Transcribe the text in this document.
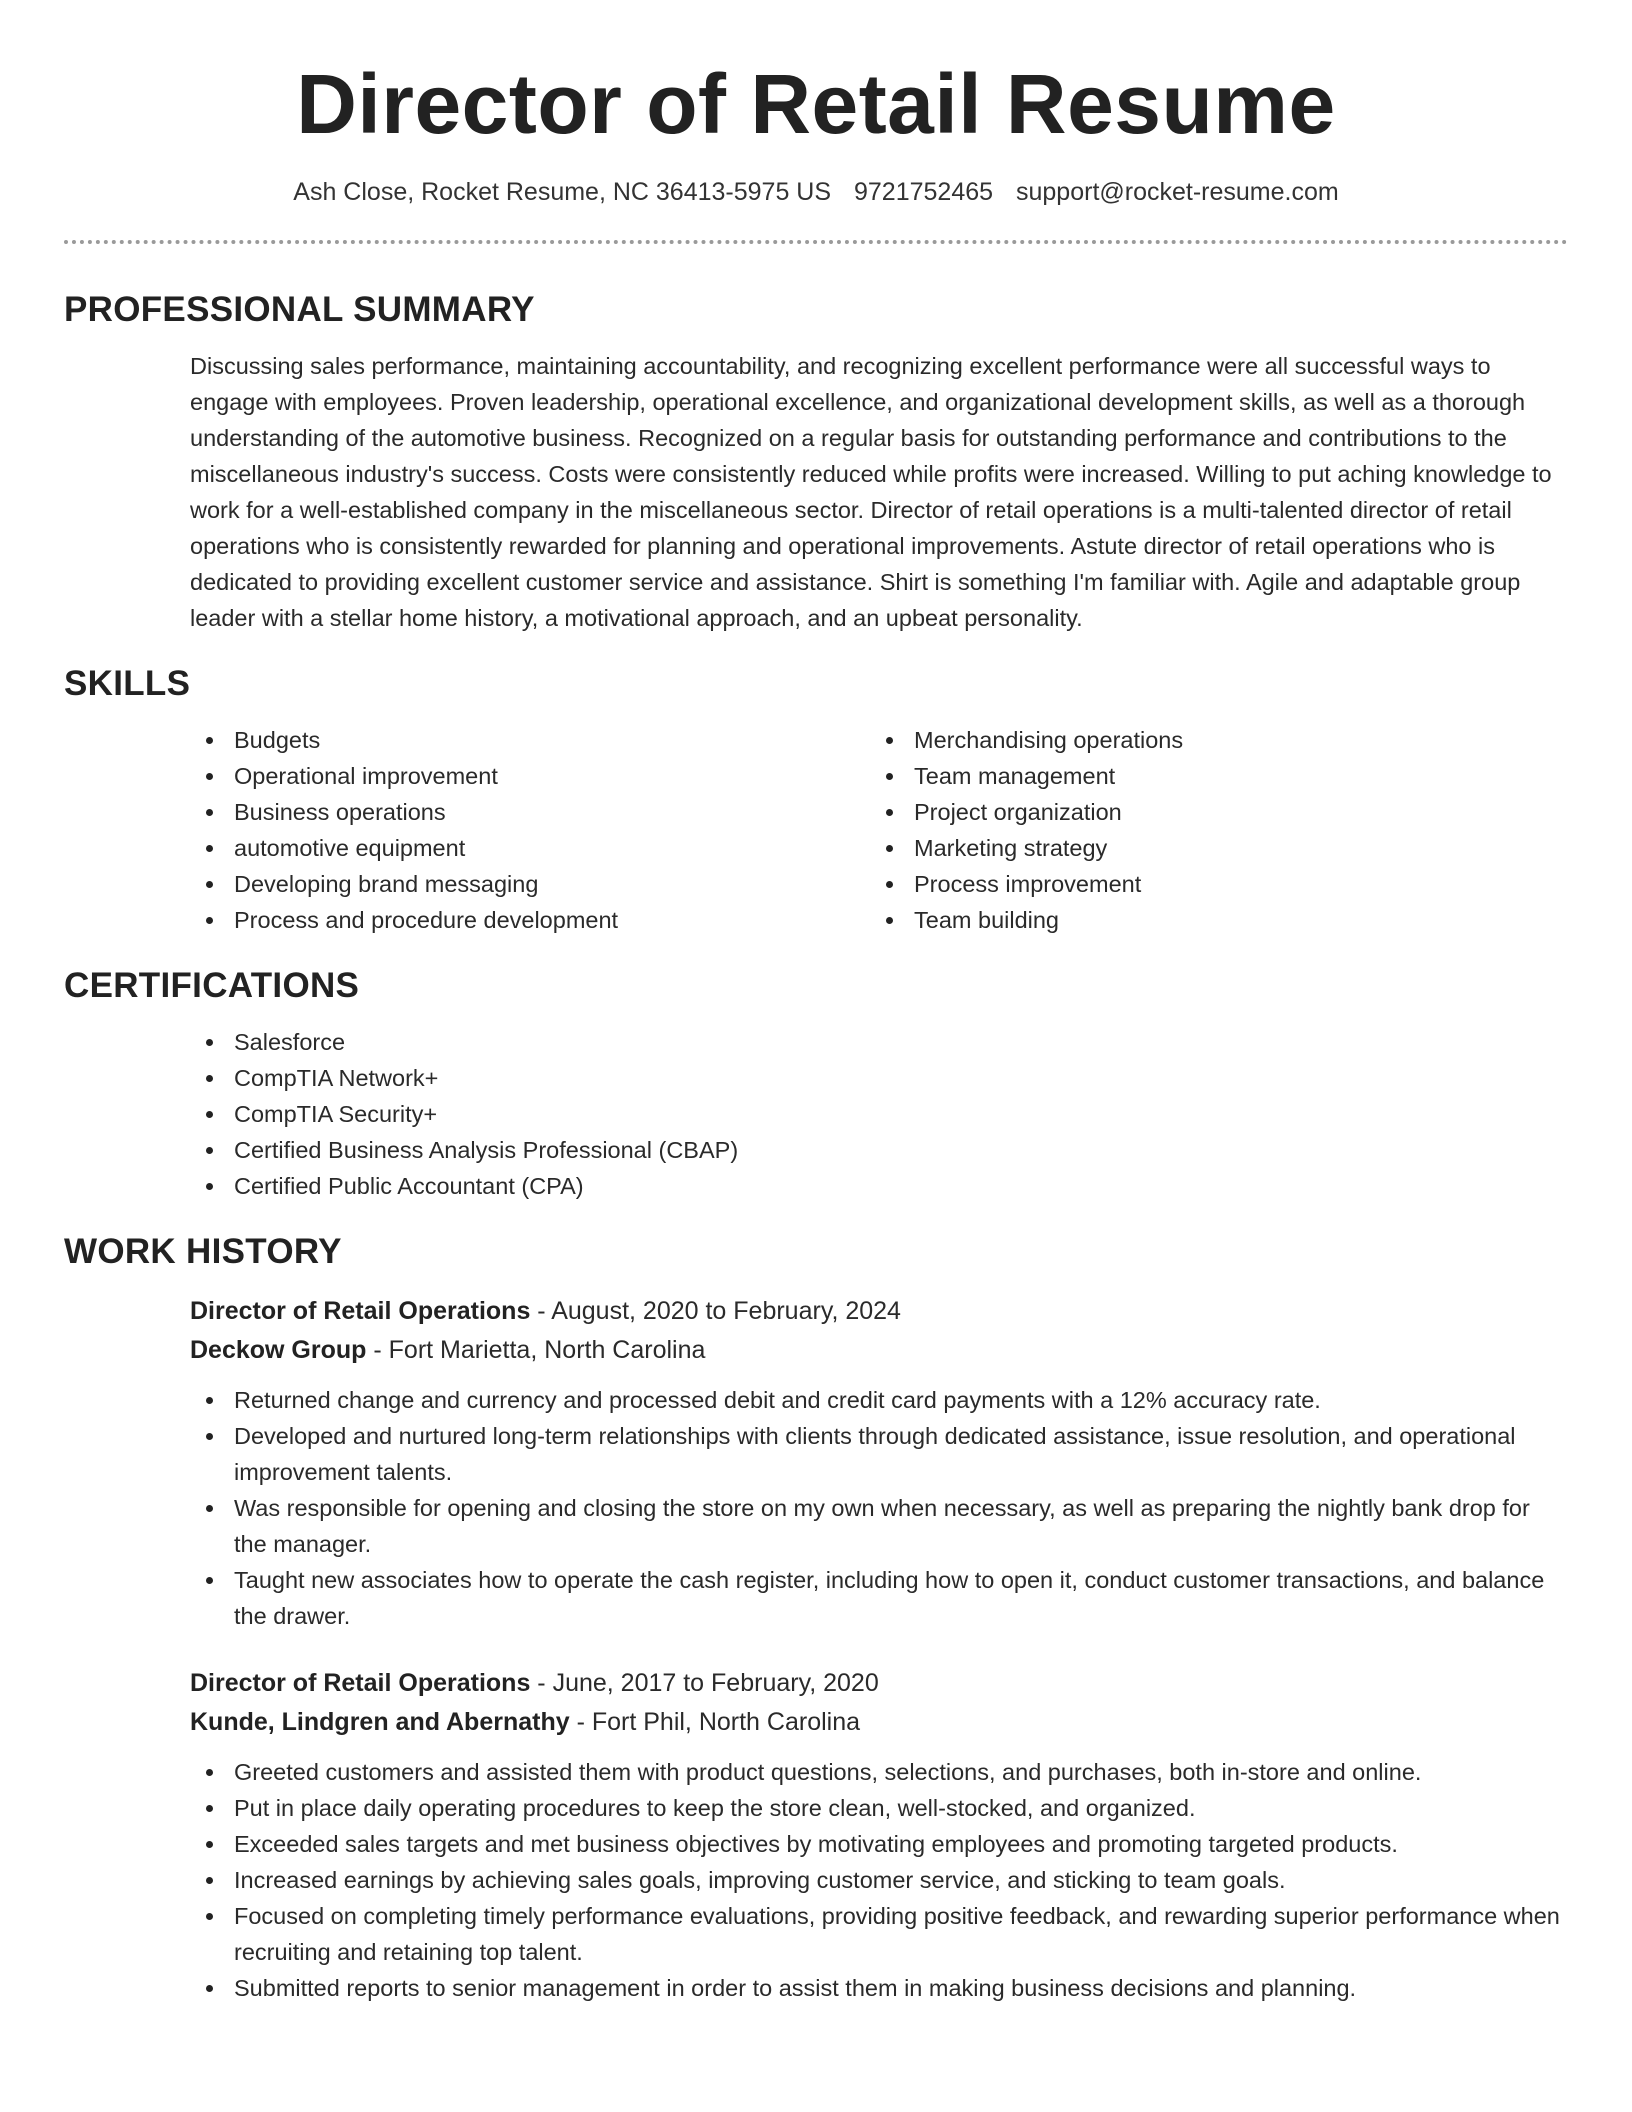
Director of Retail Resume
Ash Close, Rocket Resume, NC 36413-5975 US 9721752465 support@rocket-resume.com
PROFESSIONAL SUMMARY
Discussing sales performance, maintaining accountability, and recognizing excellent performance were all successful ways to engage with employees. Proven leadership, operational excellence, and organizational development skills, as well as a thorough understanding of the automotive business. Recognized on a regular basis for outstanding performance and contributions to the miscellaneous industry's success. Costs were consistently reduced while profits were increased. Willing to put aching knowledge to work for a well-established company in the miscellaneous sector. Director of retail operations is a multi-talented director of retail operations who is consistently rewarded for planning and operational improvements. Astute director of retail operations who is dedicated to providing excellent customer service and assistance. Shirt is something I'm familiar with. Agile and adaptable group leader with a stellar home history, a motivational approach, and an upbeat personality.
SKILLS
Budgets
Operational improvement
Business operations
automotive equipment
Developing brand messaging
Process and procedure development
Merchandising operations
Team management
Project organization
Marketing strategy
Process improvement
Team building
CERTIFICATIONS
Salesforce
CompTIA Network+
CompTIA Security+
Certified Business Analysis Professional (CBAP)
Certified Public Accountant (CPA)
WORK HISTORY
Director of Retail Operations - August, 2020 to February, 2024
Deckow Group - Fort Marietta, North Carolina
Returned change and currency and processed debit and credit card payments with a 12% accuracy rate.
Developed and nurtured long-term relationships with clients through dedicated assistance, issue resolution, and operational improvement talents.
Was responsible for opening and closing the store on my own when necessary, as well as preparing the nightly bank drop for the manager.
Taught new associates how to operate the cash register, including how to open it, conduct customer transactions, and balance the drawer.
Director of Retail Operations - June, 2017 to February, 2020
Kunde, Lindgren and Abernathy - Fort Phil, North Carolina
Greeted customers and assisted them with product questions, selections, and purchases, both in-store and online.
Put in place daily operating procedures to keep the store clean, well-stocked, and organized.
Exceeded sales targets and met business objectives by motivating employees and promoting targeted products.
Increased earnings by achieving sales goals, improving customer service, and sticking to team goals.
Focused on completing timely performance evaluations, providing positive feedback, and rewarding superior performance when recruiting and retaining top talent.
Submitted reports to senior management in order to assist them in making business decisions and planning.
